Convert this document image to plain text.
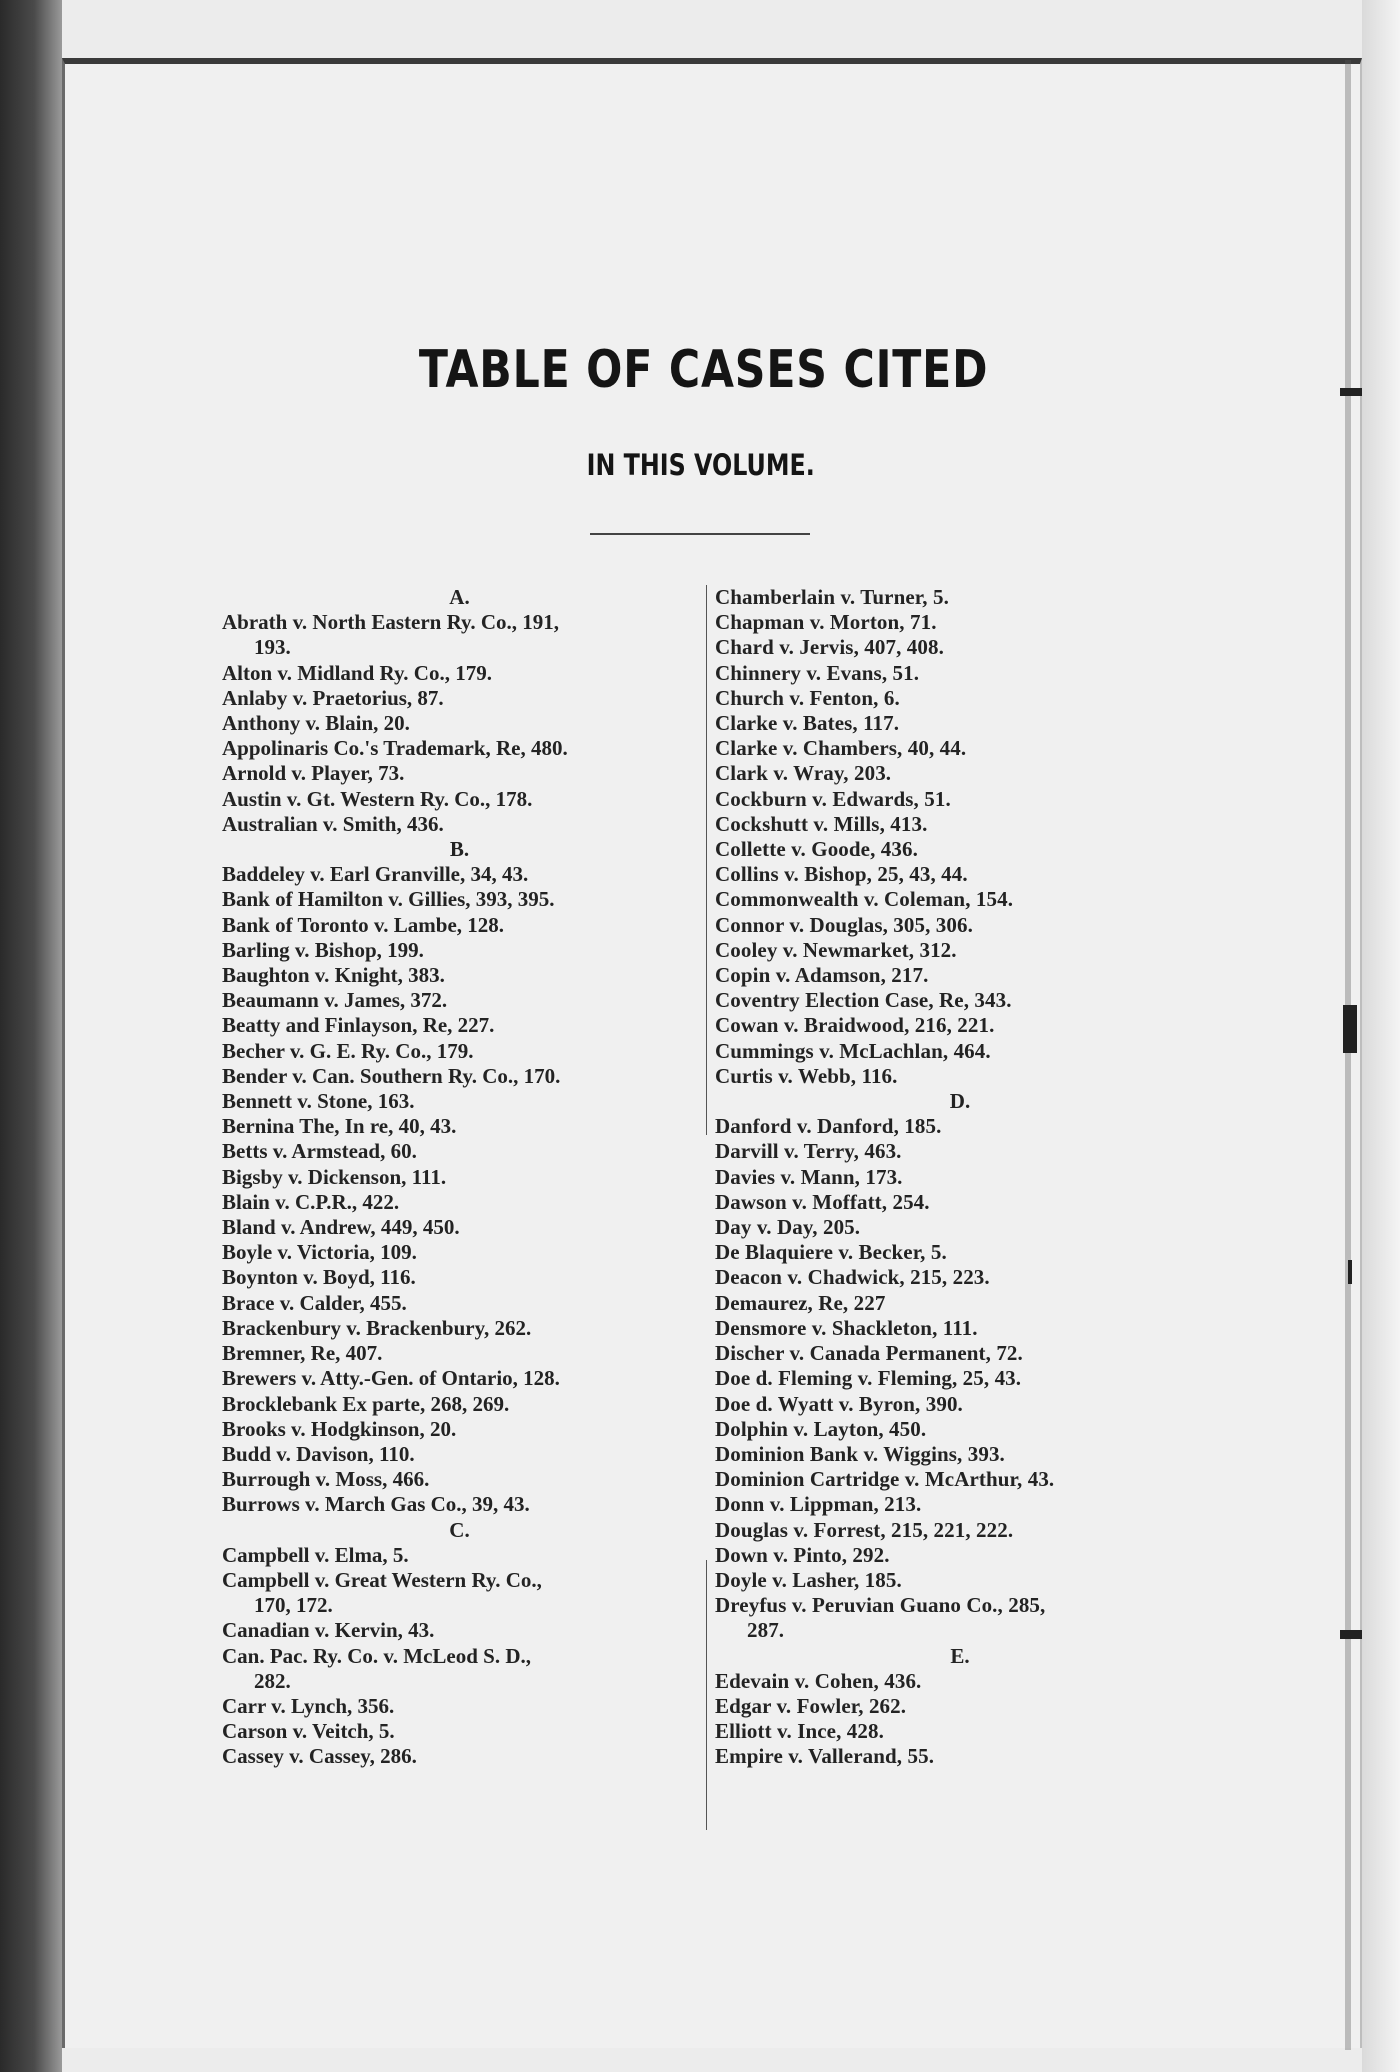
TABLE OF CASES CITED
IN THIS VOLUME.

A.

Abrath v. North Eastern Ry. Co., 191,
193.

Alton v. Midland Ry. Co., 179.

Anlaby v. Praetorius, 87.

Anthony v. Blain, 20.

Appolinaris Co.'s Trademark, Re, 480.

Arnold v. Player, 73.

Austin v. Gt. Western Ry. Co., 178.

Australian v. Smith, 436.

B.

Baddeley v. Earl Granville, 34, 43.

Bank of Hamilton v. Gillies, 393, 395.

Bank of Toronto v. Lambe, 128.

Barling v. Bishop, 199.

Baughton v. Knight, 383.

Beaumann v. James, 372.

Beatty and Finlayson, Re, 227.

Becher v. G. E. Ry. Co., 179.

Bender v. Can. Southern Ry. Co., 170.

Bennett v. Stone, 163.

Bernina The, In re, 40, 43.

Betts v. Armstead, 60.

Bigsby v. Dickenson, 111.

Blain v. C.P.R., 422.

Bland v. Andrew, 449, 450.

Boyle v. Victoria, 109.

Boynton v. Boyd, 116.

Brace v. Calder, 455.

Brackenbury v. Brackenbury, 262.

Bremner, Re, 407.

Brewers v. Atty.-Gen. of Ontario, 128.

Brocklebank Ex parte, 268, 269.

Brooks v. Hodgkinson, 20.

Budd v. Davison, 110.

Burrough v. Moss, 466.

Burrows v. March Gas Co., 39, 43.

C.

Campbell v. Elma, 5.

Campbell v. Great Western Ry. Co.,
170, 172.

Canadian v. Kervin, 43.

Can. Pac. Ry. Co. v. McLeod S. D.,
282.

Carr v. Lynch, 356.

Carson v. Veitch, 5.

Cassey v. Cassey, 286.

Chamberlain v. Turner, 5.

Chapman v. Morton, 71.

Chard v. Jervis, 407, 408.

Chinnery v. Evans, 51.

Church v. Fenton, 6.

Clarke v. Bates, 117.

Clarke v. Chambers, 40, 44.

Clark v. Wray, 203.

Cockburn v. Edwards, 51.

Cockshutt v. Mills, 413.

Collette v. Goode, 436.

Collins v. Bishop, 25, 43, 44.

Commonwealth v. Coleman, 154.

Connor v. Douglas, 305, 306.

Cooley v. Newmarket, 312.

Copin v. Adamson, 217.

Coventry Election Case, Re, 343.

Cowan v. Braidwood, 216, 221.

Cummings v. McLachlan, 464.

Curtis v. Webb, 116.

D.

Danford v. Danford, 185.

Darvill v. Terry, 463.

Davies v. Mann, 173.

Dawson v. Moffatt, 254.

Day v. Day, 205.

De Blaquiere v. Becker, 5.

Deacon v. Chadwick, 215, 223.

Demaurez, Re, 227

Densmore v. Shackleton, 111.

Discher v. Canada Permanent, 72.

Doe d. Fleming v. Fleming, 25, 43.

Doe d. Wyatt v. Byron, 390.

Dolphin v. Layton, 450.

Dominion Bank v. Wiggins, 393.

Dominion Cartridge v. McArthur, 43.

Donn v. Lippman, 213.

Douglas v. Forrest, 215, 221, 222.

Down v. Pinto, 292.

Doyle v. Lasher, 185.

Dreyfus v. Peruvian Guano Co., 285,
287.

E.

Edevain v. Cohen, 436.

Edgar v. Fowler, 262.

Elliott v. Ince, 428.

Empire v. Vallerand, 55.
